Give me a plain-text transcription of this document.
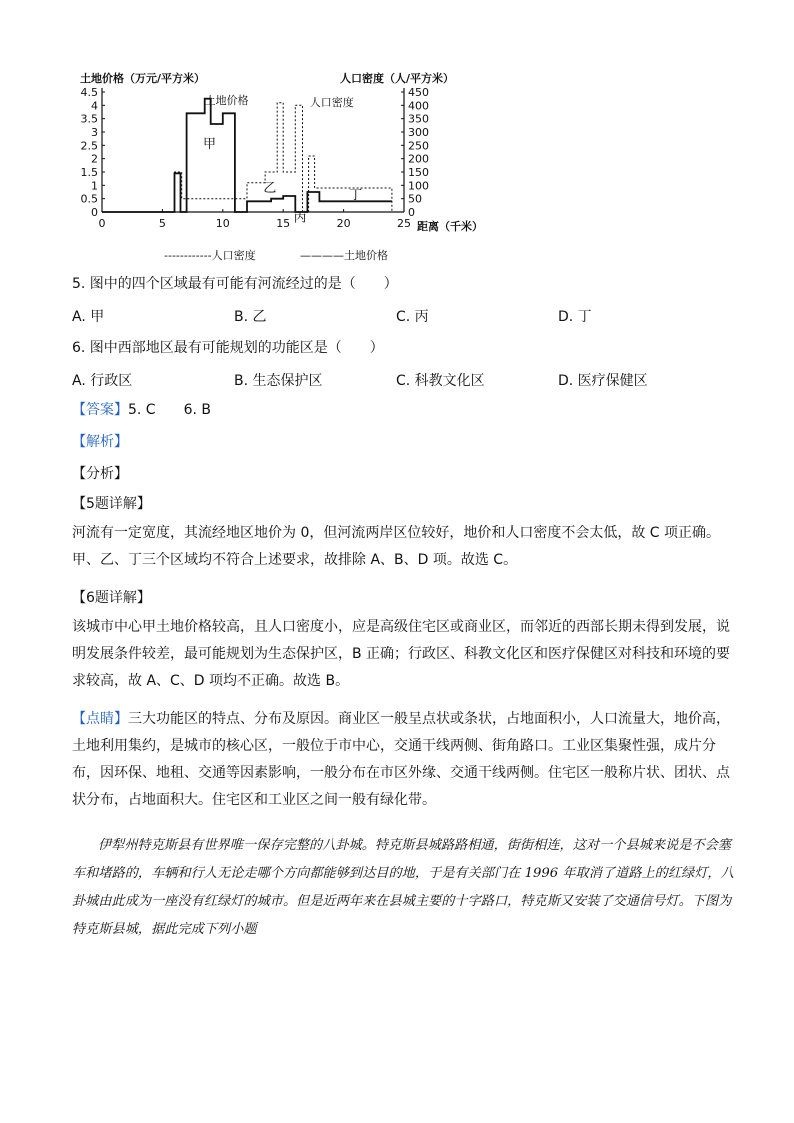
土地价格（万元/平方米）	人口密度（人/平方米）
0
0.5
1
1.5
2
2.5
3
3.5
4
4.5
0
50
100
150
200
250
300
350
400
450
0	5	10	15	20	25
土地价格	人口密度
甲
乙
丙
丁
距离（千米）
------------人口密度	————土地价格
5. 图中的四个区域最有可能有河流经过的是（　　）
A. 甲	B. 乙	C. 丙	D. 丁
6. 图中西部地区最有可能规划的功能区是（　　）
A. 行政区	B. 生态保护区	C. 科教文化区	D. 医疗保健区
【答案】5. C　　6. B
【解析】
【分析】
【5题详解】
河流有一定宽度，其流经地区地价为 0，但河流两岸区位较好，地价和人口密度不会太低，故 C 项正确。甲、乙、丁三个区域均不符合上述要求，故排除 A、B、D 项。故选 C。
【6题详解】
该城市中心甲土地价格较高，且人口密度小，应是高级住宅区或商业区，而邻近的西部长期未得到发展，说明发展条件较差，最可能规划为生态保护区，B 正确；行政区、科教文化区和医疗保健区对科技和环境的要求较高，故 A、C、D 项均不正确。故选 B。
【点睛】三大功能区的特点、分布及原因。商业区一般呈点状或条状，占地面积小，人口流量大，地价高，土地利用集约，是城市的核心区，一般位于市中心，交通干线两侧、街角路口。工业区集聚性强，成片分布，因环保、地租、交通等因素影响，一般分布在市区外缘、交通干线两侧。住宅区一般称片状、团状、点状分布，占地面积大。住宅区和工业区之间一般有绿化带。
伊犁州特克斯县有世界唯一保存完整的八卦城。特克斯县城路路相通，街街相连，这对一个县城来说是不会塞车和堵路的，车辆和行人无论走哪个方向都能够到达目的地，于是有关部门在 1996 年取消了道路上的红绿灯，八卦城由此成为一座没有红绿灯的城市。但是近两年来在县城主要的十字路口，特克斯又安装了交通信号灯。下图为特克斯县城，据此完成下列小题
